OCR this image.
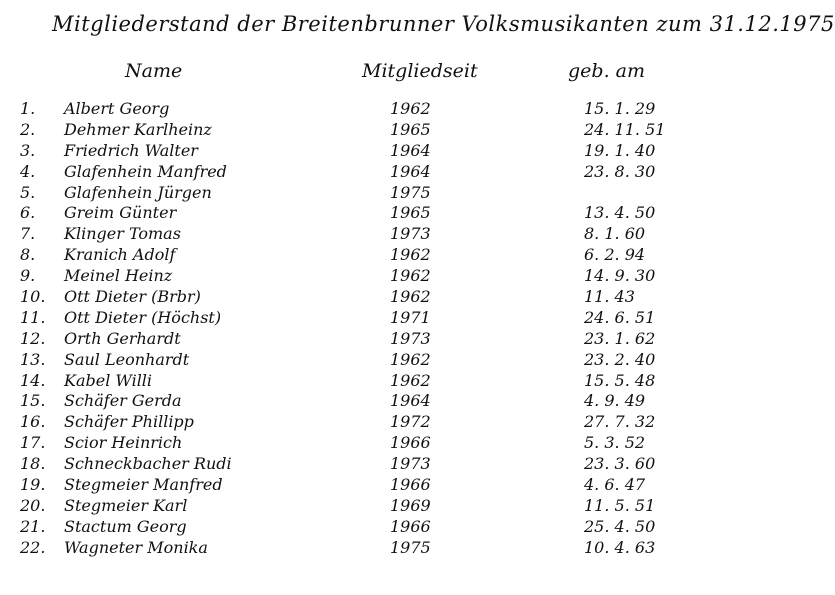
Mitgliederstand der Breitenbrunner Volksmusikanten zum 31.12.1975
Name	Mitgliedseit	geb. am
1. Albert Georg	1962	15. 1. 29
2. Dehmer Karlheinz	1965	24. 11. 51
3. Friedrich Walter	1964	19. 1. 40
4. Glafenhein Manfred	1964	23. 8. 30
5. Glafenhein Jürgen	1975
6. Greim Günter	1965	13. 4. 50
7. Klinger Tomas	1973	8. 1. 60
8. Kranich Adolf	1962	6. 2. 94
9. Meinel Heinz	1962	14. 9. 30
10. Ott Dieter (Brbr)	1962	11. 43
11. Ott Dieter (Höchst)	1971	24. 6. 51
12. Orth Gerhardt	1973	23. 1. 62
13. Saul Leonhardt	1962	23. 2. 40
14. Kabel Willi	1962	15. 5. 48
15. Schäfer Gerda	1964	4. 9. 49
16. Schäfer Phillipp	1972	27. 7. 32
17. Scior Heinrich	1966	5. 3. 52
18. Schneckbacher Rudi	1973	23. 3. 60
19. Stegmeier Manfred	1966	4. 6. 47
20. Stegmeier Karl	1969	11. 5. 51
21. Stactum Georg	1966	25. 4. 50
22. Wagneter Monika	1975	10. 4. 63
